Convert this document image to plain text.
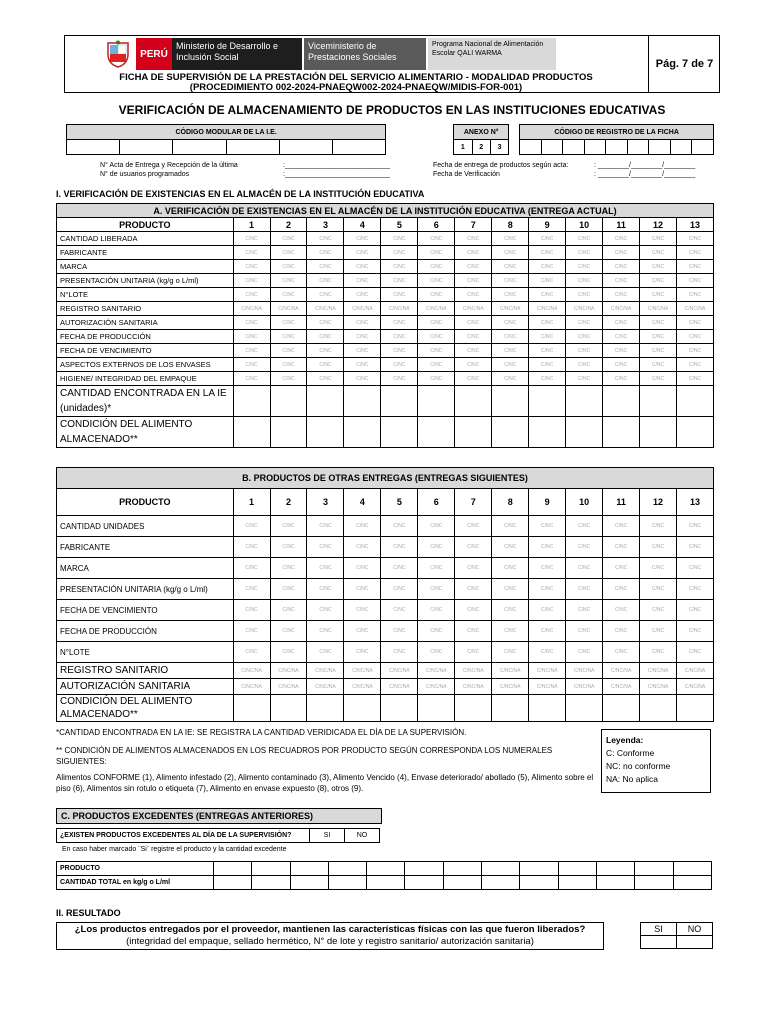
PERÚ
Ministerio de Desarrollo e Inclusión Social
Viceministerio de Prestaciones Sociales
Programa Nacional de Alimentación Escolar QALI WARMA
Pág. 7 de 7
FICHA DE SUPERVISIÓN DE LA PRESTACIÓN DEL SERVICIO ALIMENTARIO - MODALIDAD PRODUCTOS
(PROCEDIMIENTO 002-2024-PNAEQW002-2024-PNAEQW/MIDIS-FOR-001)
VERIFICACIÓN DE ALMACENAMIENTO DE PRODUCTOS EN LAS INSTITUCIONES EDUCATIVAS
CÓDIGO MODULAR DE LA I.E.							ANEXO N°				CÓDIGO DE REGISTRO DE LA FICHA								
							1	2	3										
N° Acta de Entrega y Recepción de la última	:___________________________
N° de usuarios programados	:___________________________
Fecha de entrega de productos según acta:	: ________/________/________
Fecha de Verificación	: ________/________/________
I. VERIFICACIÓN DE EXISTENCIAS EN EL ALMACÉN DE LA INSTITUCIÓN EDUCATIVA
A. VERIFICACIÓN DE EXISTENCIAS EN EL ALMACÉN DE LA INSTITUCIÓN EDUCATIVA (ENTREGA ACTUAL)													
PRODUCTO	1	2	3	4	5	6	7	8	9	10	11	12	13
CANTIDAD LIBERADA	C/NC	C/NC	C/NC	C/NC	C/NC	C/NC	C/NC	C/NC	C/NC	C/NC	C/NC	C/NC	C/NC
FABRICANTE	C/NC	C/NC	C/NC	C/NC	C/NC	C/NC	C/NC	C/NC	C/NC	C/NC	C/NC	C/NC	C/NC
MARCA	C/NC	C/NC	C/NC	C/NC	C/NC	C/NC	C/NC	C/NC	C/NC	C/NC	C/NC	C/NC	C/NC
PRESENTACIÓN UNITARIA (kg/g o L/ml)	C/NC	C/NC	C/NC	C/NC	C/NC	C/NC	C/NC	C/NC	C/NC	C/NC	C/NC	C/NC	C/NC
N°LOTE	C/NC	C/NC	C/NC	C/NC	C/NC	C/NC	C/NC	C/NC	C/NC	C/NC	C/NC	C/NC	C/NC
REGISTRO SANITARIO	C/NC/NA	C/NC/NA	C/NC/NA	C/NC/NA	C/NC/NA	C/NC/NA	C/NC/NA	C/NC/NA	C/NC/NA	C/NC/NA	C/NC/NA	C/NC/NA	C/NC/NA
AUTORIZACIÓN SANITARIA	C/NC	C/NC	C/NC	C/NC	C/NC	C/NC	C/NC	C/NC	C/NC	C/NC	C/NC	C/NC	C/NC
FECHA DE PRODUCCIÓN	C/NC	C/NC	C/NC	C/NC	C/NC	C/NC	C/NC	C/NC	C/NC	C/NC	C/NC	C/NC	C/NC
FECHA DE VENCIMIENTO	C/NC	C/NC	C/NC	C/NC	C/NC	C/NC	C/NC	C/NC	C/NC	C/NC	C/NC	C/NC	C/NC
ASPECTOS EXTERNOS DE LOS ENVASES	C/NC	C/NC	C/NC	C/NC	C/NC	C/NC	C/NC	C/NC	C/NC	C/NC	C/NC	C/NC	C/NC
HIGIENE/ INTEGRIDAD DEL EMPAQUE	C/NC	C/NC	C/NC	C/NC	C/NC	C/NC	C/NC	C/NC	C/NC	C/NC	C/NC	C/NC	C/NC
CANTIDAD ENCONTRADA EN LA IE (unidades)*													
CONDICIÓN DEL ALIMENTO ALMACENADO**													
B. PRODUCTOS DE OTRAS ENTREGAS (ENTREGAS SIGUIENTES)													
PRODUCTO	1	2	3	4	5	6	7	8	9	10	11	12	13
CANTIDAD UNIDADES	C/NC	C/NC	C/NC	C/NC	C/NC	C/NC	C/NC	C/NC	C/NC	C/NC	C/NC	C/NC	C/NC
FABRICANTE	C/NC	C/NC	C/NC	C/NC	C/NC	C/NC	C/NC	C/NC	C/NC	C/NC	C/NC	C/NC	C/NC
MARCA	C/NC	C/NC	C/NC	C/NC	C/NC	C/NC	C/NC	C/NC	C/NC	C/NC	C/NC	C/NC	C/NC
PRESENTACIÓN UNITARIA (kg/g o L/ml)	C/NC	C/NC	C/NC	C/NC	C/NC	C/NC	C/NC	C/NC	C/NC	C/NC	C/NC	C/NC	C/NC
FECHA DE VENCIMIENTO	C/NC	C/NC	C/NC	C/NC	C/NC	C/NC	C/NC	C/NC	C/NC	C/NC	C/NC	C/NC	C/NC
FECHA DE PRODUCCIÓN	C/NC	C/NC	C/NC	C/NC	C/NC	C/NC	C/NC	C/NC	C/NC	C/NC	C/NC	C/NC	C/NC
N°LOTE	C/NC	C/NC	C/NC	C/NC	C/NC	C/NC	C/NC	C/NC	C/NC	C/NC	C/NC	C/NC	C/NC
REGISTRO SANITARIO	C/NC/NA	C/NC/NA	C/NC/NA	C/NC/NA	C/NC/NA	C/NC/NA	C/NC/NA	C/NC/NA	C/NC/NA	C/NC/NA	C/NC/NA	C/NC/NA	C/NC/NA
AUTORIZACIÓN SANITARIA	C/NC/NA	C/NC/NA	C/NC/NA	C/NC/NA	C/NC/NA	C/NC/NA	C/NC/NA	C/NC/NA	C/NC/NA	C/NC/NA	C/NC/NA	C/NC/NA	C/NC/NA
CONDICIÓN DEL ALIMENTO ALMACENADO**													
*CANTIDAD ENCONTRADA EN LA IE: SE REGISTRA LA CANTIDAD VERIDICADA EL DÍA DE LA SUPERVISIÓN.
** CONDICIÓN DE ALIMENTOS ALMACENADOS EN LOS RECUADROS POR PRODUCTO SEGÚN CORRESPONDA LOS NUMERALES SIGUIENTES:
Alimentos CONFORME (1), Alimento infestado (2), Alimento contaminado (3), Alimento Vencido (4), Envase deteriorado/ abollado (5), Alimento sobre el piso (6), Alimentos sin rotulo o etiqueta (7), Alimento en envase expuesto (8), otros (9).
Leyenda:
C: Conforme
NC: no conforme
NA: No aplica
C. PRODUCTOS EXCEDENTES (ENTREGAS ANTERIORES)
¿EXISTEN PRODUCTOS EXCEDENTES AL DÍA DE LA SUPERVISIÓN?	SI	NO
En caso haber marcado ¨Si¨ registre el producto y la cantidad excedente
PRODUCTO													
CANTIDAD TOTAL en kg/g o L/ml													
II. RESULTADO
¿Los productos entregados por el proveedor, mantienen las características físicas con las que fueron liberados? (integridad del empaque, sellado hermético, N° de lote y registro sanitario/ autorización sanitaria)
SI	NO
